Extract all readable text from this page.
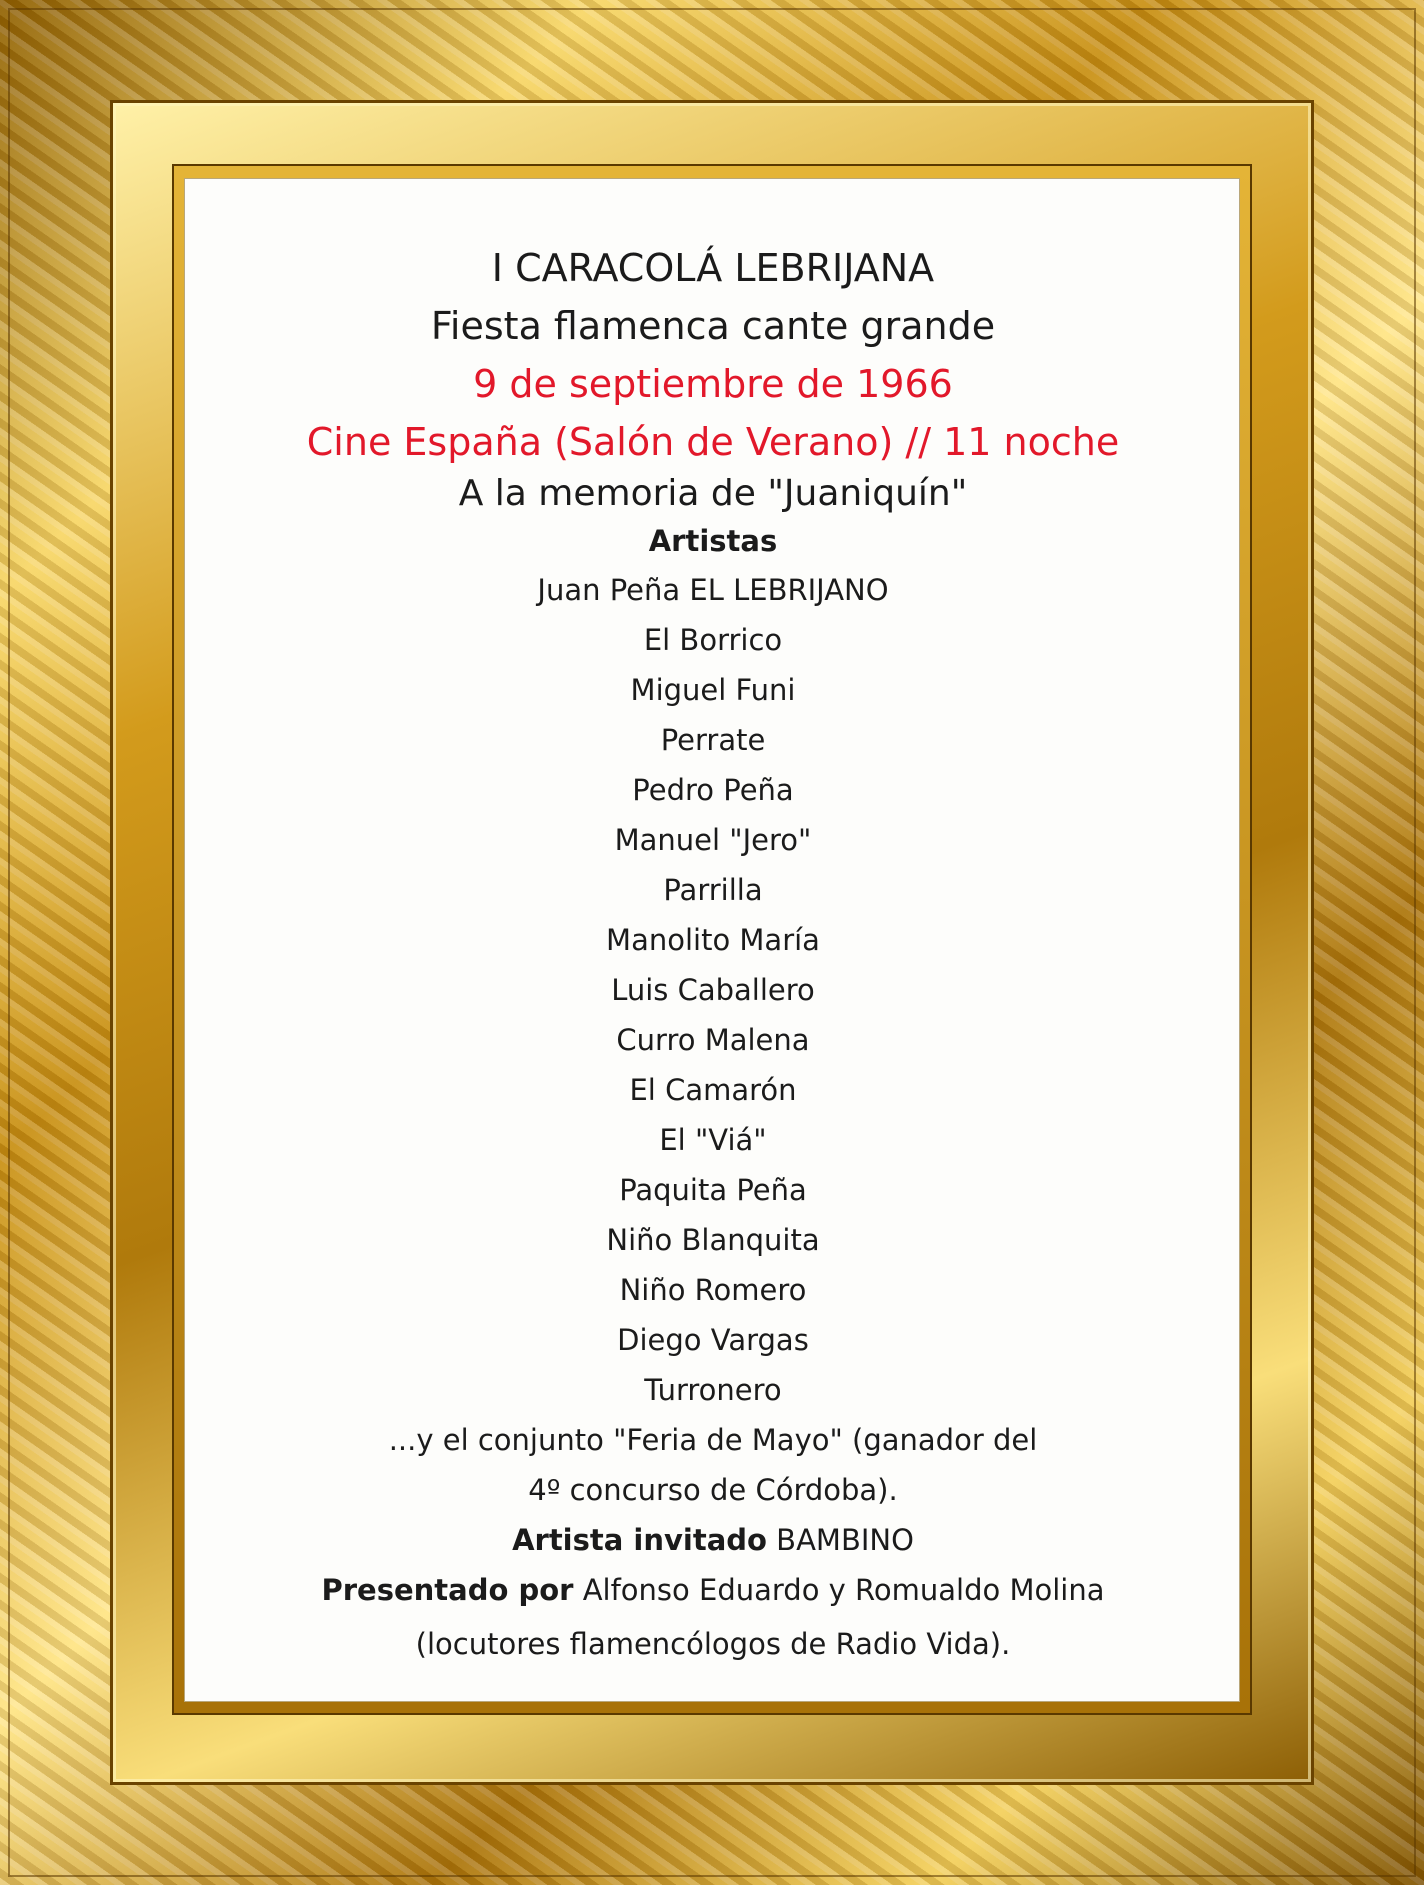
I CARACOLÁ LEBRIJANA

Fiesta flamenca cante grande

9 de septiembre de 1966

Cine España (Salón de Verano) // 11 noche

A la memoria de "Juaniquín"

Artistas

Juan Peña EL LEBRIJANO

El Borrico

Miguel Funi

Perrate

Pedro Peña

Manuel "Jero"

Parrilla

Manolito María

Luis Caballero

Curro Malena

El Camarón

El "Viá"

Paquita Peña

Niño Blanquita

Niño Romero

Diego Vargas

Turronero

...y el conjunto "Feria de Mayo" (ganador del

4º concurso de Córdoba).

Artista invitado BAMBINO

Presentado por Alfonso Eduardo y Romualdo Molina

(locutores flamencólogos de Radio Vida).
